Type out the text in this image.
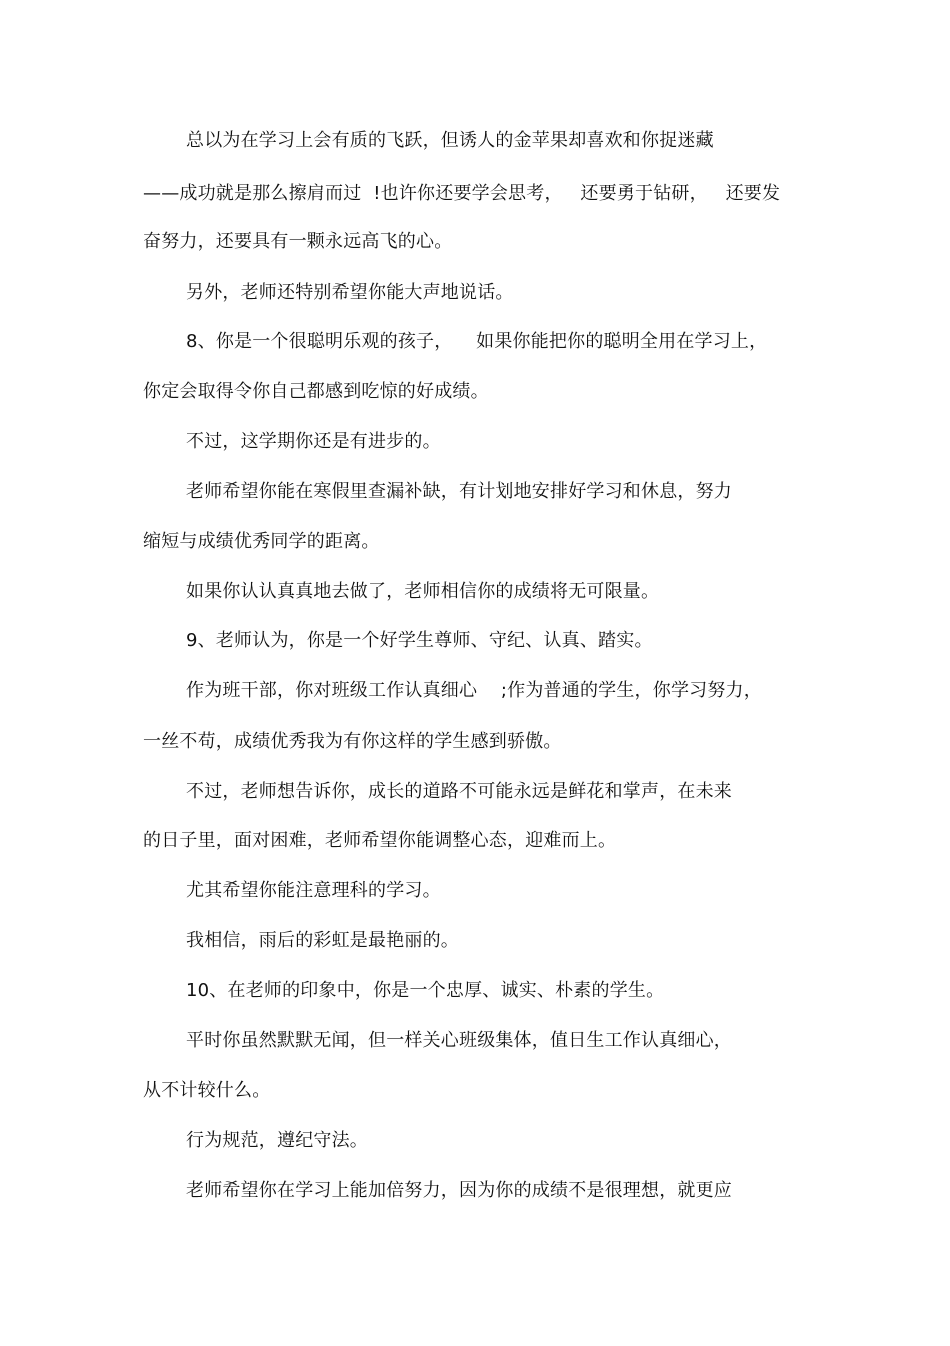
总以为在学习上会有质的飞跃，但诱人的金苹果却喜欢和你捉迷藏
——成功就是那么擦肩而过  !也许你还要学会思考，   还要勇于钻研，   还要发
奋努力，还要具有一颗永远高飞的心。
另外，老师还特别希望你能大声地说话。
8、你是一个很聪明乐观的孩子，    如果你能把你的聪明全用在学习上，
你定会取得令你自己都感到吃惊的好成绩。
不过，这学期你还是有进步的。
老师希望你能在寒假里查漏补缺，有计划地安排好学习和休息，努力
缩短与成绩优秀同学的距离。
如果你认认真真地去做了，老师相信你的成绩将无可限量。
9、老师认为，你是一个好学生尊师、守纪、认真、踏实。
作为班干部，你对班级工作认真细心    ;作为普通的学生，你学习努力，
一丝不苟，成绩优秀我为有你这样的学生感到骄傲。
不过，老师想告诉你，成长的道路不可能永远是鲜花和掌声，在未来
的日子里，面对困难，老师希望你能调整心态，迎难而上。
尤其希望你能注意理科的学习。
我相信，雨后的彩虹是最艳丽的。
10、在老师的印象中，你是一个忠厚、诚实、朴素的学生。
平时你虽然默默无闻，但一样关心班级集体，值日生工作认真细心，
从不计较什么。
行为规范，遵纪守法。
老师希望你在学习上能加倍努力，因为你的成绩不是很理想，就更应
